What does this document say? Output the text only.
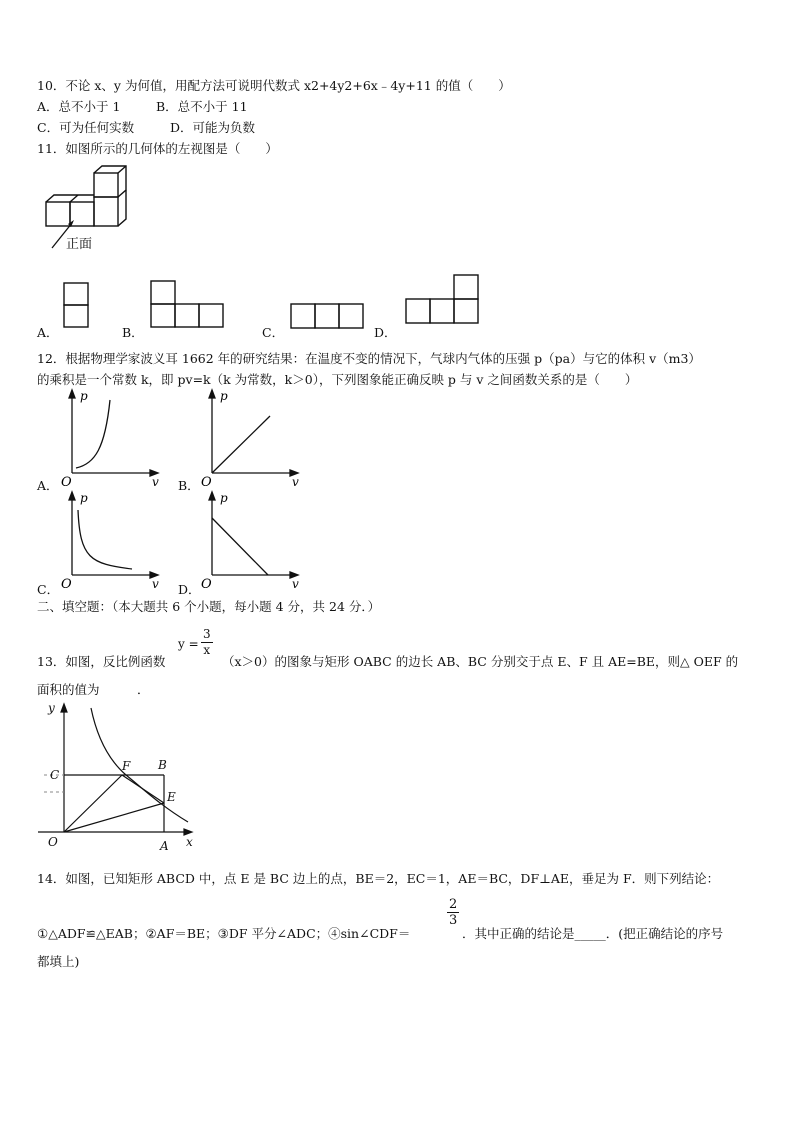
10．不论 x、y 为何值，用配方法可说明代数式 x2+4y2+6x﹣4y+11 的值（　　）
A．总不小于 1	B．总不小于 11
C．可为任何实数	D．可能为负数
11．如图所示的几何体的左视图是（　　）
正面
A．	B．	C．	D．
12．根据物理学家波义耳 1662 年的研究结果：在温度不变的情况下，气球内气体的压强 p（pa）与它的体积 v（m3）
的乘积是一个常数 k，即 pv=k（k 为常数，k＞0），下列图象能正确反映 p 与 v 之间函数关系的是（　　）
A．
p
O	v B．
p
O	v
C．
p
O	v D．
p
O	v
二、填空题：（本大题共 6 个小题，每小题 4 分，共 24 分．）
$y = \frac{3}{x}$
13．如图，反比例函数	（x＞0）的图象与矩形 OABC 的边长 AB、BC 分别交于点 E、F 且 AE=BE，则△ OEF 的
面积的值为　　　．
y
x
O	A
B
C
E
F
14．如图，已知矩形 ABCD 中，点 E 是 BC 边上的点，BE＝2，EC＝1，AE＝BC，DF⊥AE，垂足为 F．则下列结论：
①△ADF≌△EAB；②AF＝BE；③DF 平分∠ADC；④sin∠CDF＝
$\frac{2}{3}$
．其中正确的结论是_____．(把正确结论的序号
都填上)
